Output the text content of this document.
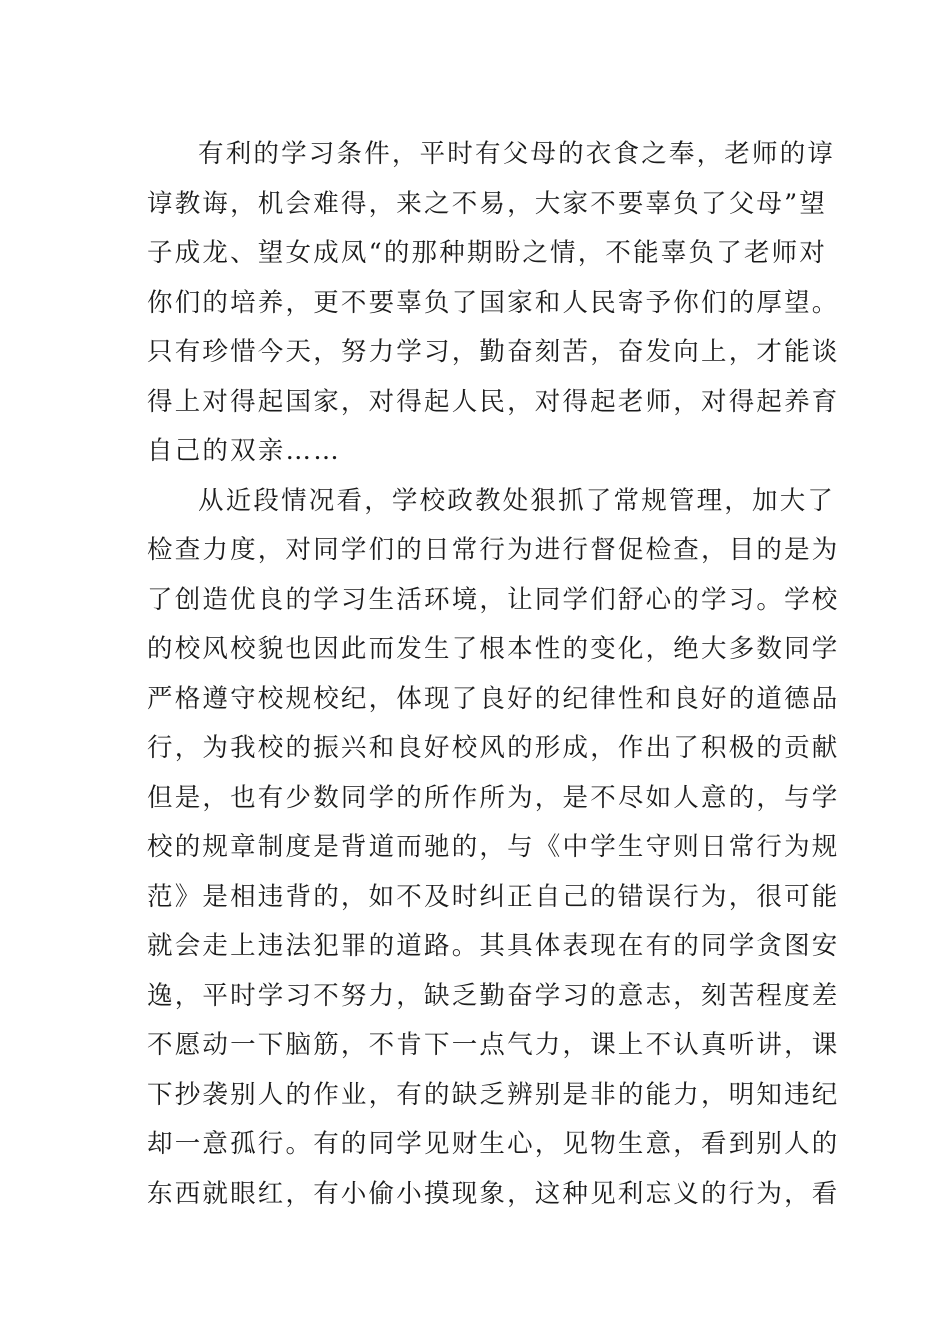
有利的学习条件，平时有父母的衣食之奉，老师的谆
谆教诲，机会难得，来之不易，大家不要辜负了父母”望
子成龙、望女成凤“的那种期盼之情，不能辜负了老师对
你们的培养，更不要辜负了国家和人民寄予你们的厚望。
只有珍惜今天，努力学习，勤奋刻苦，奋发向上，才能谈
得上对得起国家，对得起人民，对得起老师，对得起养育
自己的双亲……
从近段情况看，学校政教处狠抓了常规管理，加大了
检查力度，对同学们的日常行为进行督促检查，目的是为
了创造优良的学习生活环境，让同学们舒心的学习。学校
的校风校貌也因此而发生了根本性的变化，绝大多数同学
严格遵守校规校纪，体现了良好的纪律性和良好的道德品
行，为我校的振兴和良好校风的形成，作出了积极的贡献
但是，也有少数同学的所作所为，是不尽如人意的，与学
校的规章制度是背道而驰的，与《中学生守则日常行为规
范》是相违背的，如不及时纠正自己的错误行为，很可能
就会走上违法犯罪的道路。其具体表现在有的同学贪图安
逸，平时学习不努力，缺乏勤奋学习的意志，刻苦程度差
不愿动一下脑筋，不肯下一点气力，课上不认真听讲，课
下抄袭别人的作业，有的缺乏辨别是非的能力，明知违纪
却一意孤行。有的同学见财生心，见物生意，看到别人的
东西就眼红，有小偷小摸现象，这种见利忘义的行为，看
